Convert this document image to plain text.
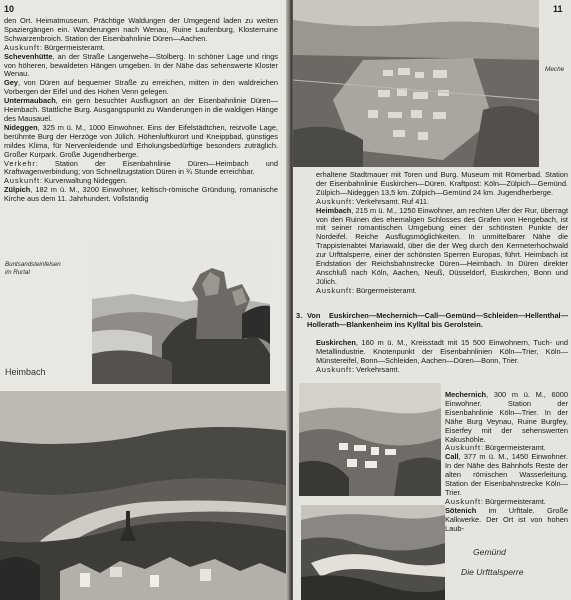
10

den Ort. Heimatmuseum. Prächtige Waldungen der Umgegend laden zu weiten Spaziergängen ein. Wanderungen nach Wenau, Ruine Laufenburg, Klosterruine Schwarzenbroich. Station der Eisenbahnlinie Düren—Aachen.

Auskunft: Bürgermeisteramt.

Schevenhütte, an der Straße Langerwehe—Stolberg. In schöner Lage und rings von höheren, bewaldeten Hängen umgeben. In der Nähe das sehenswerte Kloster Wenau.

Gey, von Düren auf bequemer Straße zu erreichen, mitten in den waldreichen Vorbergen der Eifel und des Hohen Venn gelegen.

Untermaubach, ein gern besuchter Ausflugsort an der Eisenbahnlinie Düren—Heimbach. Stattliche Burg. Ausgangspunkt zu Wanderungen in die waldigen Hänge des Mausauel.

Nideggen, 325 m ü. M., 1000 Einwohner. Eins der Eifelstädtchen, reizvolle Lage, berühmte Burg der Herzöge von Jülich. Höhenluftkurort und Kneippbad, günstiges mildes Klima, für Nervenleidende und Erholungsbedürftige besonders zuträglich. Großer Kurpark. Große Jugendherberge.

Verkehr: Station der Eisenbahnlinie Düren—Heimbach und Kraftwagenverbindung; von Schnellzugstation Düren in ¾ Stunde erreichbar.

Auskunft: Kurverwaltung Nideggen.

Zülpich, 182 m ü. M., 3200 Einwohner, keltisch-römische Gründung, romanische Kirche aus dem 11. Jahrhundert. Vollständig

Buntsandsteinfelsen
im Rurtal
Heimbach
11
Meche

erhaltene Stadtmauer mit Toren und Burg. Museum mit Römerbad. Station der Eisenbahnlinie Euskirchen—Düren. Kraftpost: Köln—Zülpich—Gemünd. Zülpich—Nideggen 13,5 km. Zülpich—Gemünd 24 km. Jugendherberge.

Auskunft: Verkehrsamt. Ruf 411.

Heimbach, 215 m ü. M., 1250 Einwohner, am rechten Ufer der Rur, überragt von den Ruinen des ehemaligen Schlosses des Grafen von Hengebach, ist mit seiner romantischen Umgebung einer der schönsten Punkte der Nordeifel. Reiche Ausflugsmöglichkeiten. In unmittelbarer Nähe die Trappistenabtei Mariawald, über die der Weg durch den Kermeterhochwald zur Urfttalsperre, einer der schönsten Sperren Europas, führt. Heimbach ist Endstation der Reichsbahnstrecke Düren—Heimbach. In Düren direkter Anschluß nach Köln, Aachen, Neuß, Düsseldorf, Euskirchen, Bonn und Jülich.

Auskunft: Bürgermeisteramt.

3. Von Euskirchen—Mechernich—Call—Gemünd—Schleiden—Hellenthal—Hollerath—Blankenheim ins Kylltal bis Gerolstein.

Euskirchen, 160 m ü. M., Kreisstadt mit 15 500 Einwohnern, Tuch- und Metallindustrie. Knotenpunkt der Eisenbahnlinien Köln—Trier, Köln—Münstereifel, Bonn—Schleiden, Aachen—Düren—Bonn, Trier.

Auskunft: Verkehrsamt.

Mechernich, 300 m ü. M., 6000 Einwohner. Station der Eisenbahnlinie Köln—Trier. In der Nähe Burg Veynau, Ruine Burgfey, Eiserfey mit der sehenswerten Kakushöhle.

Auskunft: Bürgermeisteramt.

Call, 377 m ü. M., 1450 Einwohner. In der Nähe des Bahnhofs Reste der alten römischen Wasserleitung. Station der Eisenbahnstrecke Köln—Trier.

Auskunft: Bürgermeisteramt.

Sötenich im Urfttale. Große Kalkwerke. Der Ort ist von hohen Laub-

Gemünd
Die Urfttalsperre
